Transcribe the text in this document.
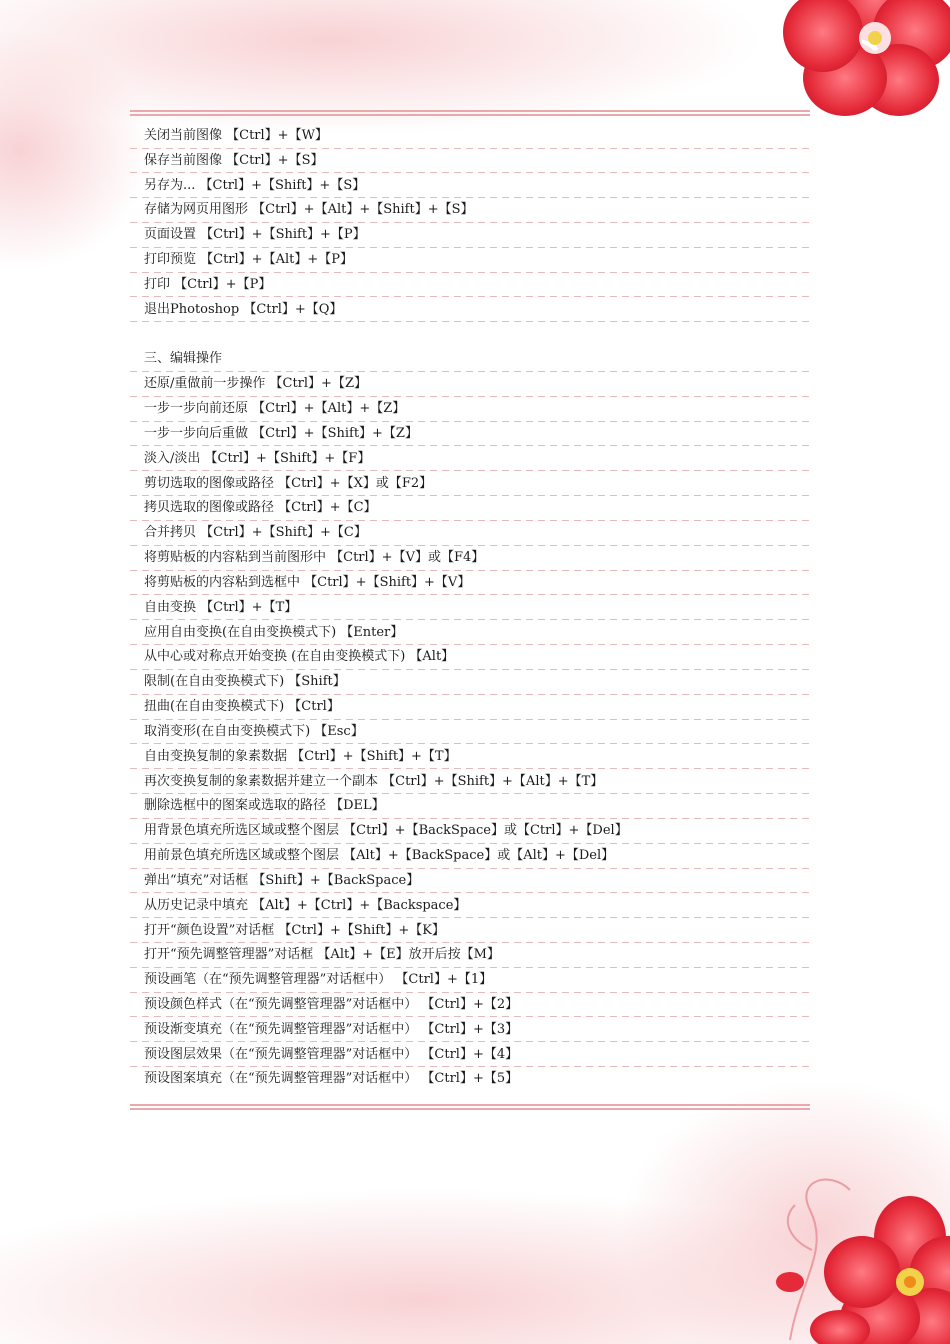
关闭当前图像 【Ctrl】+【W】
保存当前图像 【Ctrl】+【S】
另存为... 【Ctrl】+【Shift】+【S】
存储为网页用图形 【Ctrl】+【Alt】+【Shift】+【S】
页面设置 【Ctrl】+【Shift】+【P】
打印预览 【Ctrl】+【Alt】+【P】
打印 【Ctrl】+【P】
退出Photoshop 【Ctrl】+【Q】
三、编辑操作
还原/重做前一步操作 【Ctrl】+【Z】
一步一步向前还原 【Ctrl】+【Alt】+【Z】
一步一步向后重做 【Ctrl】+【Shift】+【Z】
淡入/淡出 【Ctrl】+【Shift】+【F】
剪切选取的图像或路径 【Ctrl】+【X】或【F2】
拷贝选取的图像或路径 【Ctrl】+【C】
合并拷贝 【Ctrl】+【Shift】+【C】
将剪贴板的内容粘到当前图形中 【Ctrl】+【V】或【F4】
将剪贴板的内容粘到选框中 【Ctrl】+【Shift】+【V】
自由变换 【Ctrl】+【T】
应用自由变换(在自由变换模式下) 【Enter】
从中心或对称点开始变换 (在自由变换模式下) 【Alt】
限制(在自由变换模式下) 【Shift】
扭曲(在自由变换模式下) 【Ctrl】
取消变形(在自由变换模式下) 【Esc】
自由变换复制的象素数据 【Ctrl】+【Shift】+【T】
再次变换复制的象素数据并建立一个副本 【Ctrl】+【Shift】+【Alt】+【T】
删除选框中的图案或选取的路径 【DEL】
用背景色填充所选区域或整个图层 【Ctrl】+【BackSpace】或【Ctrl】+【Del】
用前景色填充所选区域或整个图层 【Alt】+【BackSpace】或【Alt】+【Del】
弹出“填充”对话框 【Shift】+【BackSpace】
从历史记录中填充 【Alt】+【Ctrl】+【Backspace】
打开“颜色设置”对话框 【Ctrl】+【Shift】+【K】
打开“预先调整管理器”对话框 【Alt】+【E】放开后按【M】
预设画笔（在“预先调整管理器”对话框中） 【Ctrl】+【1】
预设颜色样式（在“预先调整管理器”对话框中） 【Ctrl】+【2】
预设渐变填充（在“预先调整管理器”对话框中） 【Ctrl】+【3】
预设图层效果（在“预先调整管理器”对话框中） 【Ctrl】+【4】
预设图案填充（在“预先调整管理器”对话框中） 【Ctrl】+【5】
